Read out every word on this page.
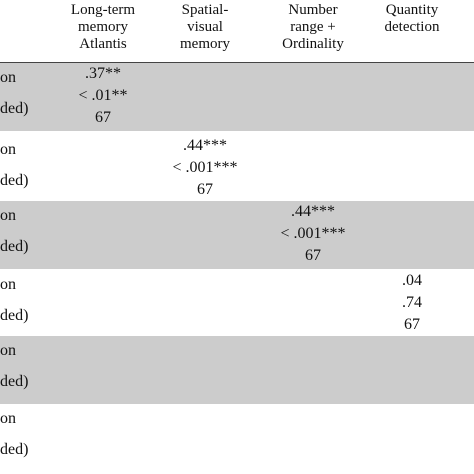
Long-term
memory
Atlantis
Spatial-
visual
memory
Number
range +
Ordinality
Quantity
detection
on
ded)
.37**
< .01**
67
on
ded)
.44***
< .001***
67
on
ded)
.44***
< .001***
67
on
ded)
.04
.74
67
on
ded)
on
ded)
